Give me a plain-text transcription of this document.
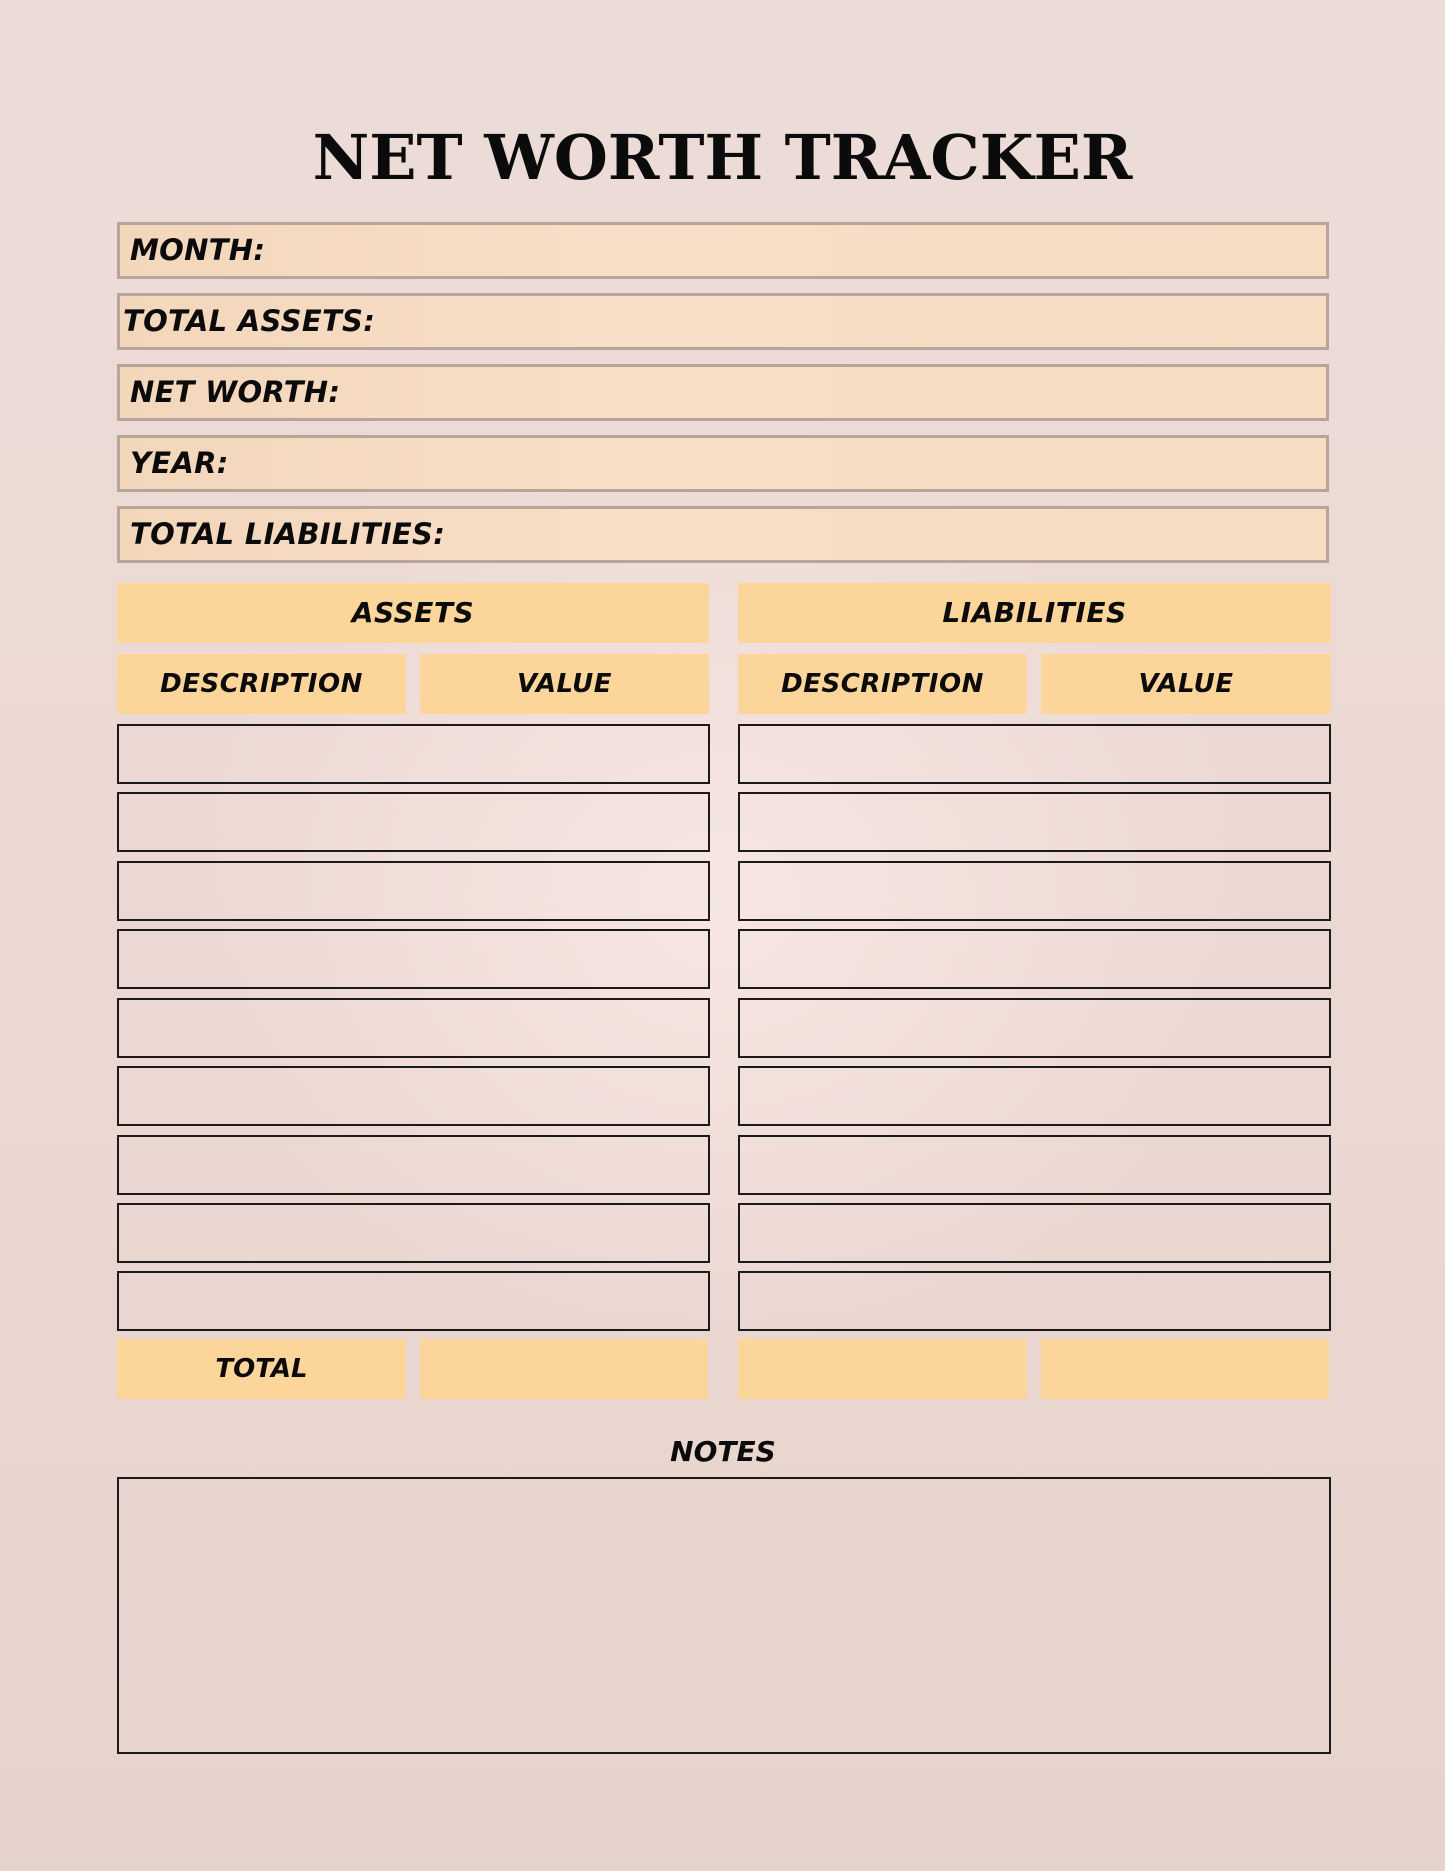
NET WORTH TRACKER
MONTH:
TOTAL ASSETS:
NET WORTH:
YEAR:
TOTAL LIABILITIES:
ASSETS	LIABILITIES
DESCRIPTION	VALUE	DESCRIPTION	VALUE
TOTAL
NOTES
